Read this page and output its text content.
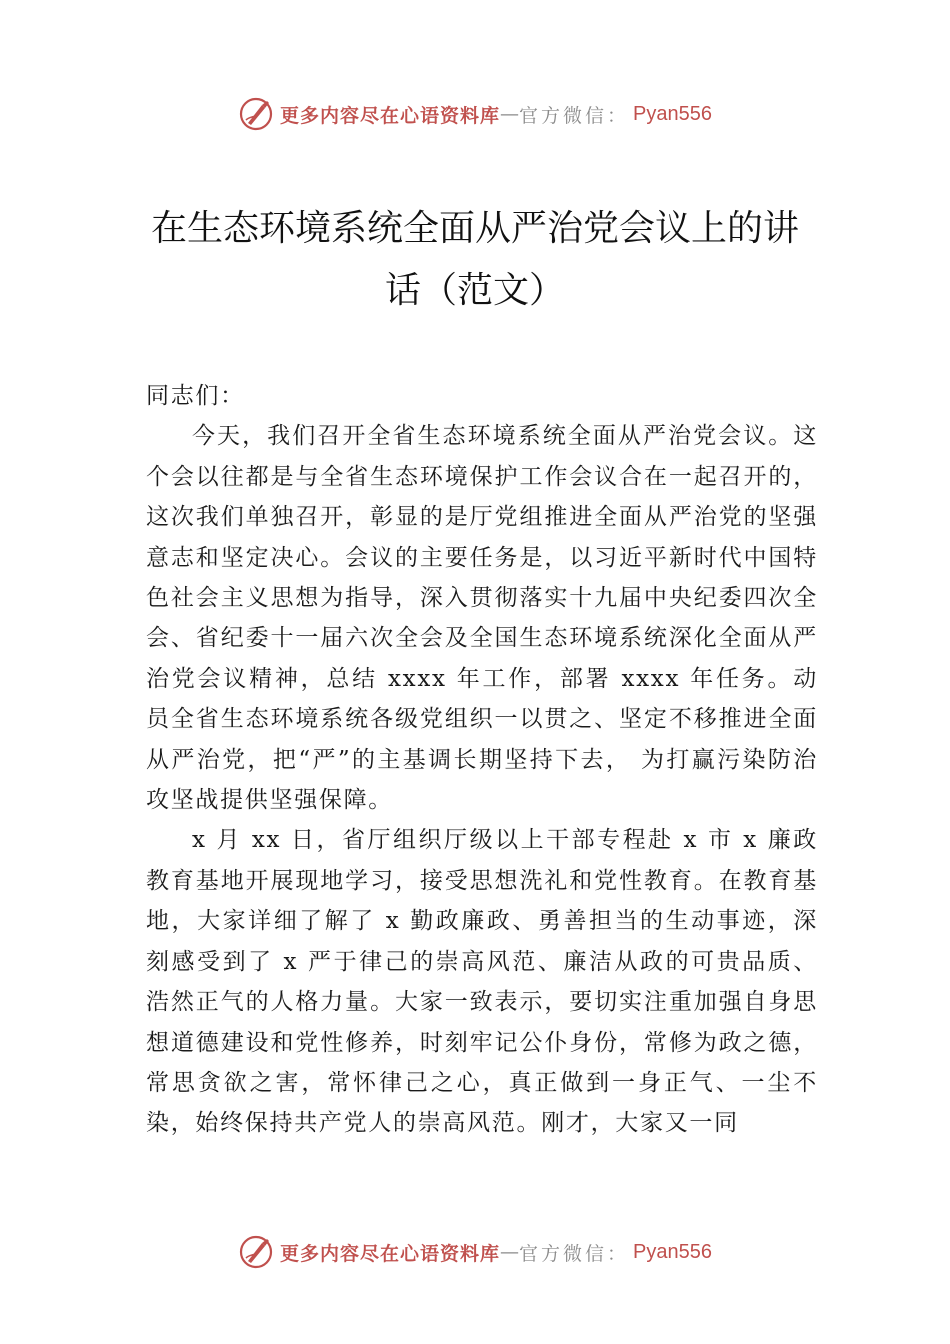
更多内容尽在心语资料库 — 官方微信： Pyan556
在生态环境系统全面从严治党会议上的讲
话（范文）

同志们：

今天，我们召开全省生态环境系统全面从严治党会议。这个会以往都是与全省生态环境保护工作会议合在一起召开的，这次我们单独召开，彰显的是厅党组推进全面从严治党的坚强意志和坚定决心。会议的主要任务是，以习近平新时代中国特色社会主义思想为指导，深入贯彻落实十九届中央纪委四次全会、省纪委十一届六次全会及全国生态环境系统深化全面从严治党会议精神，总结 xxxx 年工作，部署 xxxx 年任务。动员全省生态环境系统各级党组织一以贯之、坚定不移推进全面从严治党，把“严”的主基调长期坚持下去， 为打赢污染防治攻坚战提供坚强保障。

x 月 xx 日，省厅组织厅级以上干部专程赴 x 市 x 廉政教育基地开展现地学习，接受思想洗礼和党性教育。在教育基地，大家详细了解了 x 勤政廉政、勇善担当的生动事迹，深刻感受到了 x 严于律己的崇高风范、廉洁从政的可贵品质、浩然正气的人格力量。大家一致表示，要切实注重加强自身思想道德建设和党性修养，时刻牢记公仆身份，常修为政之德，常思贪欲之害，常怀律己之心，真正做到一身正气、一尘不染，始终保持共产党人的崇高风范。刚才，大家又一同

更多内容尽在心语资料库 — 官方微信： Pyan556
